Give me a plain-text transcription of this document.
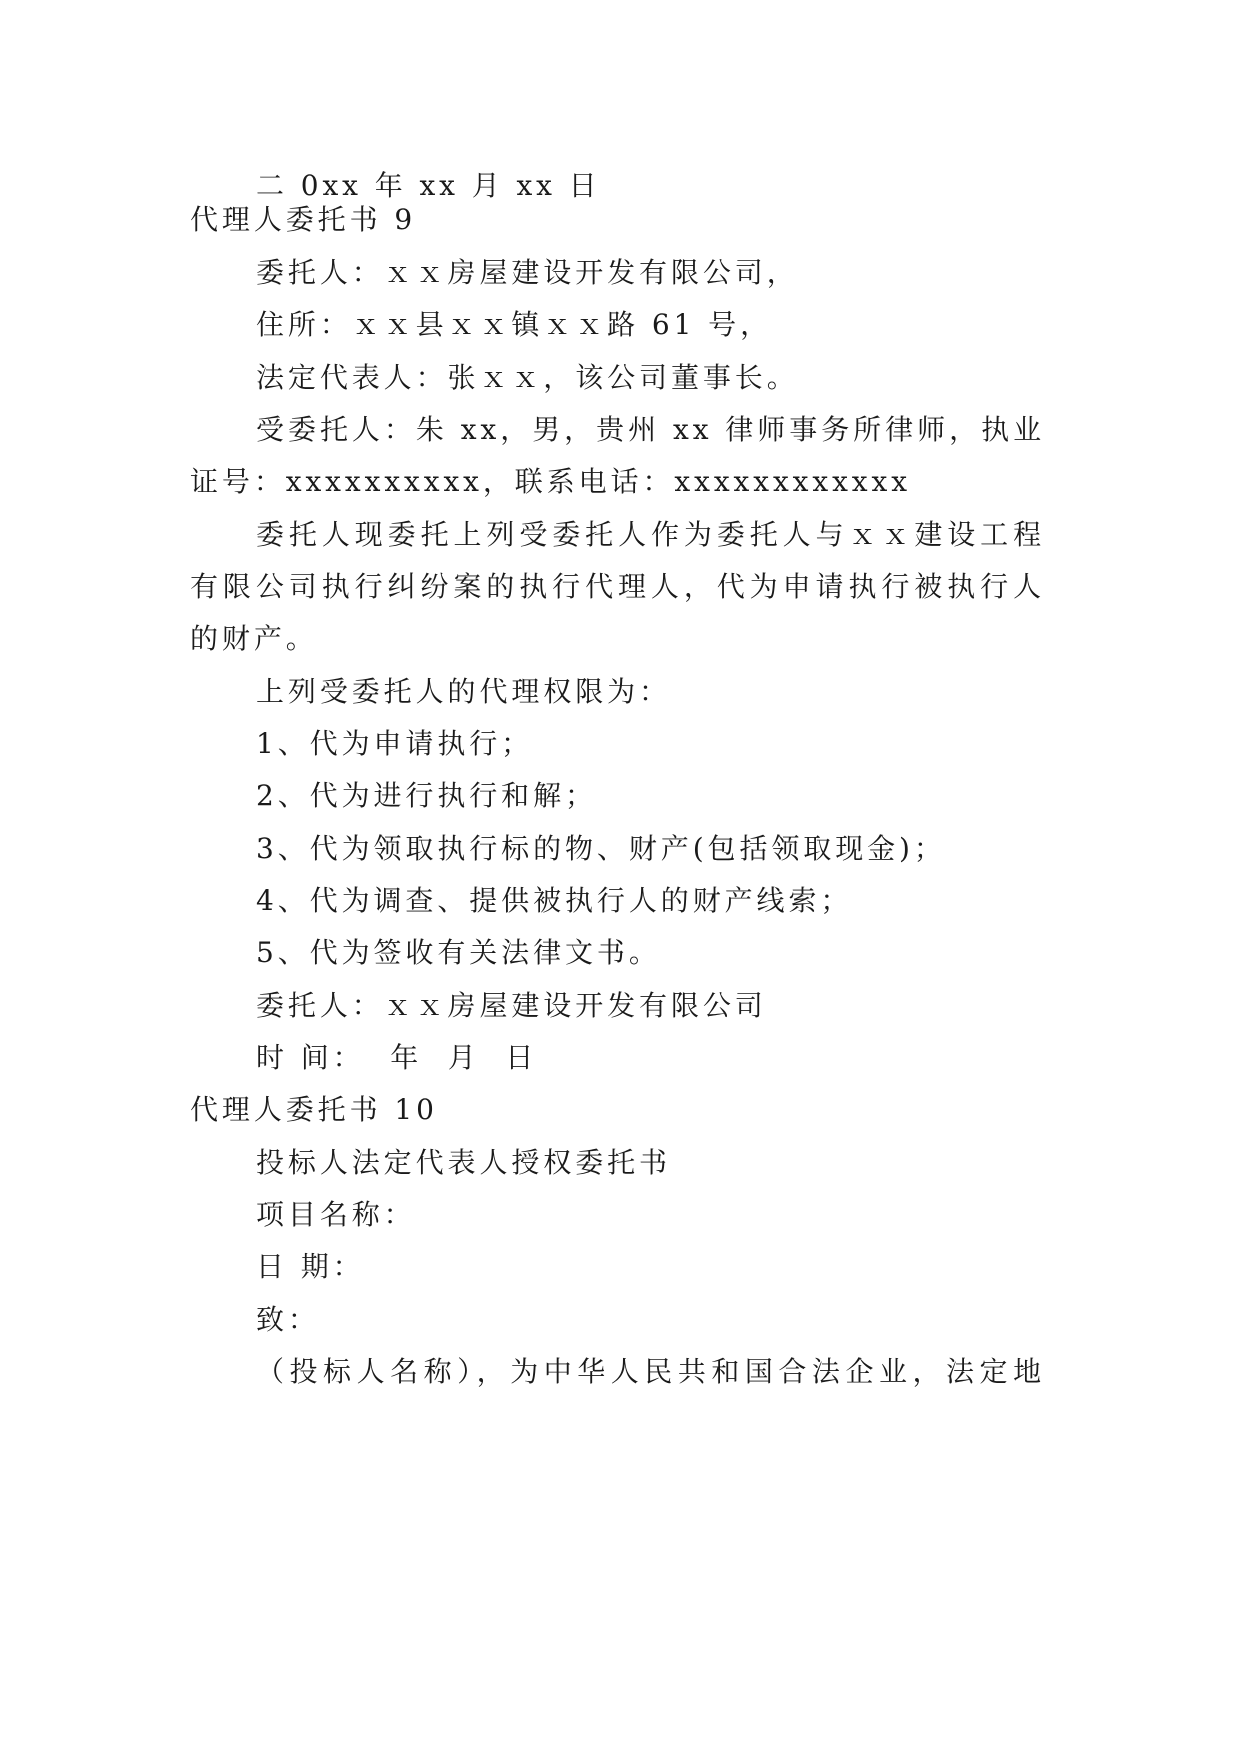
二 0xx 年 xx 月 xx 日
代理人委托书 9
委托人：ｘｘ房屋建设开发有限公司，
住所：ｘｘ县ｘｘ镇ｘｘ路 61 号，
法定代表人：张ｘｘ，该公司董事长。
受委托人：朱 xx，男，贵州 xx 律师事务所律师，执业
证号：xxxxxxxxxx，联系电话：xxxxxxxxxxxx
委托人现委托上列受委托人作为委托人与ｘｘ建设工程
有限公司执行纠纷案的执行代理人，代为申请执行被执行人
的财产。
上列受委托人的代理权限为：
1、代为申请执行；
2、代为进行执行和解；
3、代为领取执行标的物、财产(包括领取现金)；
4、代为调查、提供被执行人的财产线索；
5、代为签收有关法律文书。
委托人：ｘｘ房屋建设开发有限公司
时 间：  年  月  日
代理人委托书 10
投标人法定代表人授权委托书
项目名称：
日 期：
致：
（投标人名称），为中华人民共和国合法企业，法定地
